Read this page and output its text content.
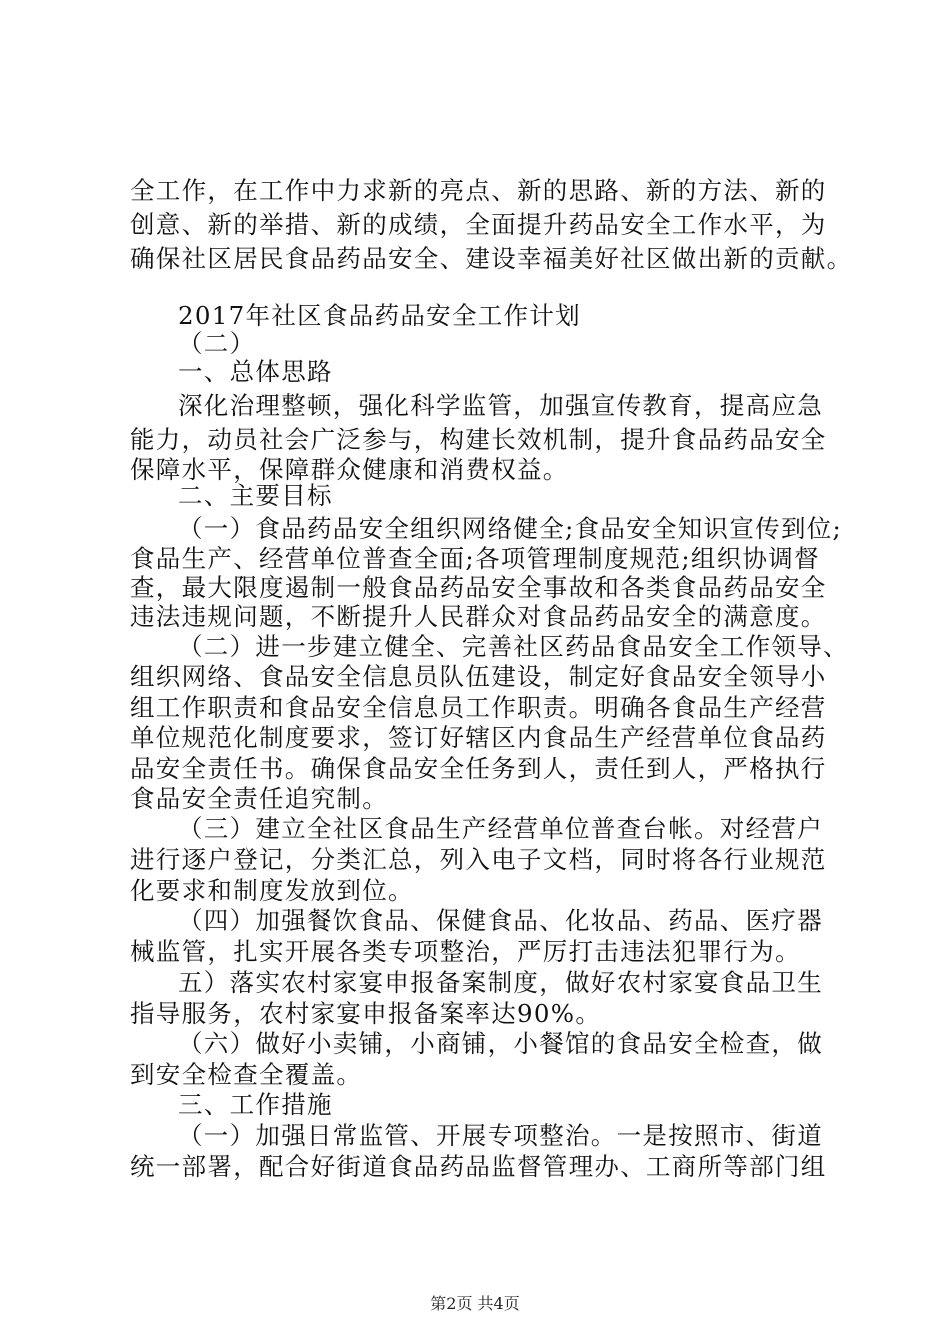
全工作，在工作中力求新的亮点、新的思路、新的方法、新的
创意、新的举措、新的成绩，全面提升药品安全工作水平，为
确保社区居民食品药品安全、建设幸福美好社区做出新的贡献。
2017年社区食品药品安全工作计划
（二）
一、总体思路
深化治理整顿，强化科学监管，加强宣传教育，提高应急
能力，动员社会广泛参与，构建长效机制，提升食品药品安全
保障水平，保障群众健康和消费权益。
二、主要目标
（一）食品药品安全组织网络健全;食品安全知识宣传到位;
食品生产、经营单位普查全面;各项管理制度规范;组织协调督
查，最大限度遏制一般食品药品安全事故和各类食品药品安全
违法违规问题，不断提升人民群众对食品药品安全的满意度。
（二）进一步建立健全、完善社区药品食品安全工作领导、
组织网络、食品安全信息员队伍建设，制定好食品安全领导小
组工作职责和食品安全信息员工作职责。明确各食品生产经营
单位规范化制度要求，签订好辖区内食品生产经营单位食品药
品安全责任书。确保食品安全任务到人，责任到人，严格执行
食品安全责任追究制。
（三）建立全社区食品生产经营单位普查台帐。对经营户
进行逐户登记，分类汇总，列入电子文档，同时将各行业规范
化要求和制度发放到位。
（四）加强餐饮食品、保健食品、化妆品、药品、医疗器
械监管，扎实开展各类专项整治，严厉打击违法犯罪行为。
五）落实农村家宴申报备案制度，做好农村家宴食品卫生
指导服务，农村家宴申报备案率达90%。
（六）做好小卖铺，小商铺，小餐馆的食品安全检查，做
到安全检查全覆盖。
三、工作措施
（一）加强日常监管、开展专项整治。一是按照市、街道
统一部署，配合好街道食品药品监督管理办、工商所等部门组
第2页 共4页
